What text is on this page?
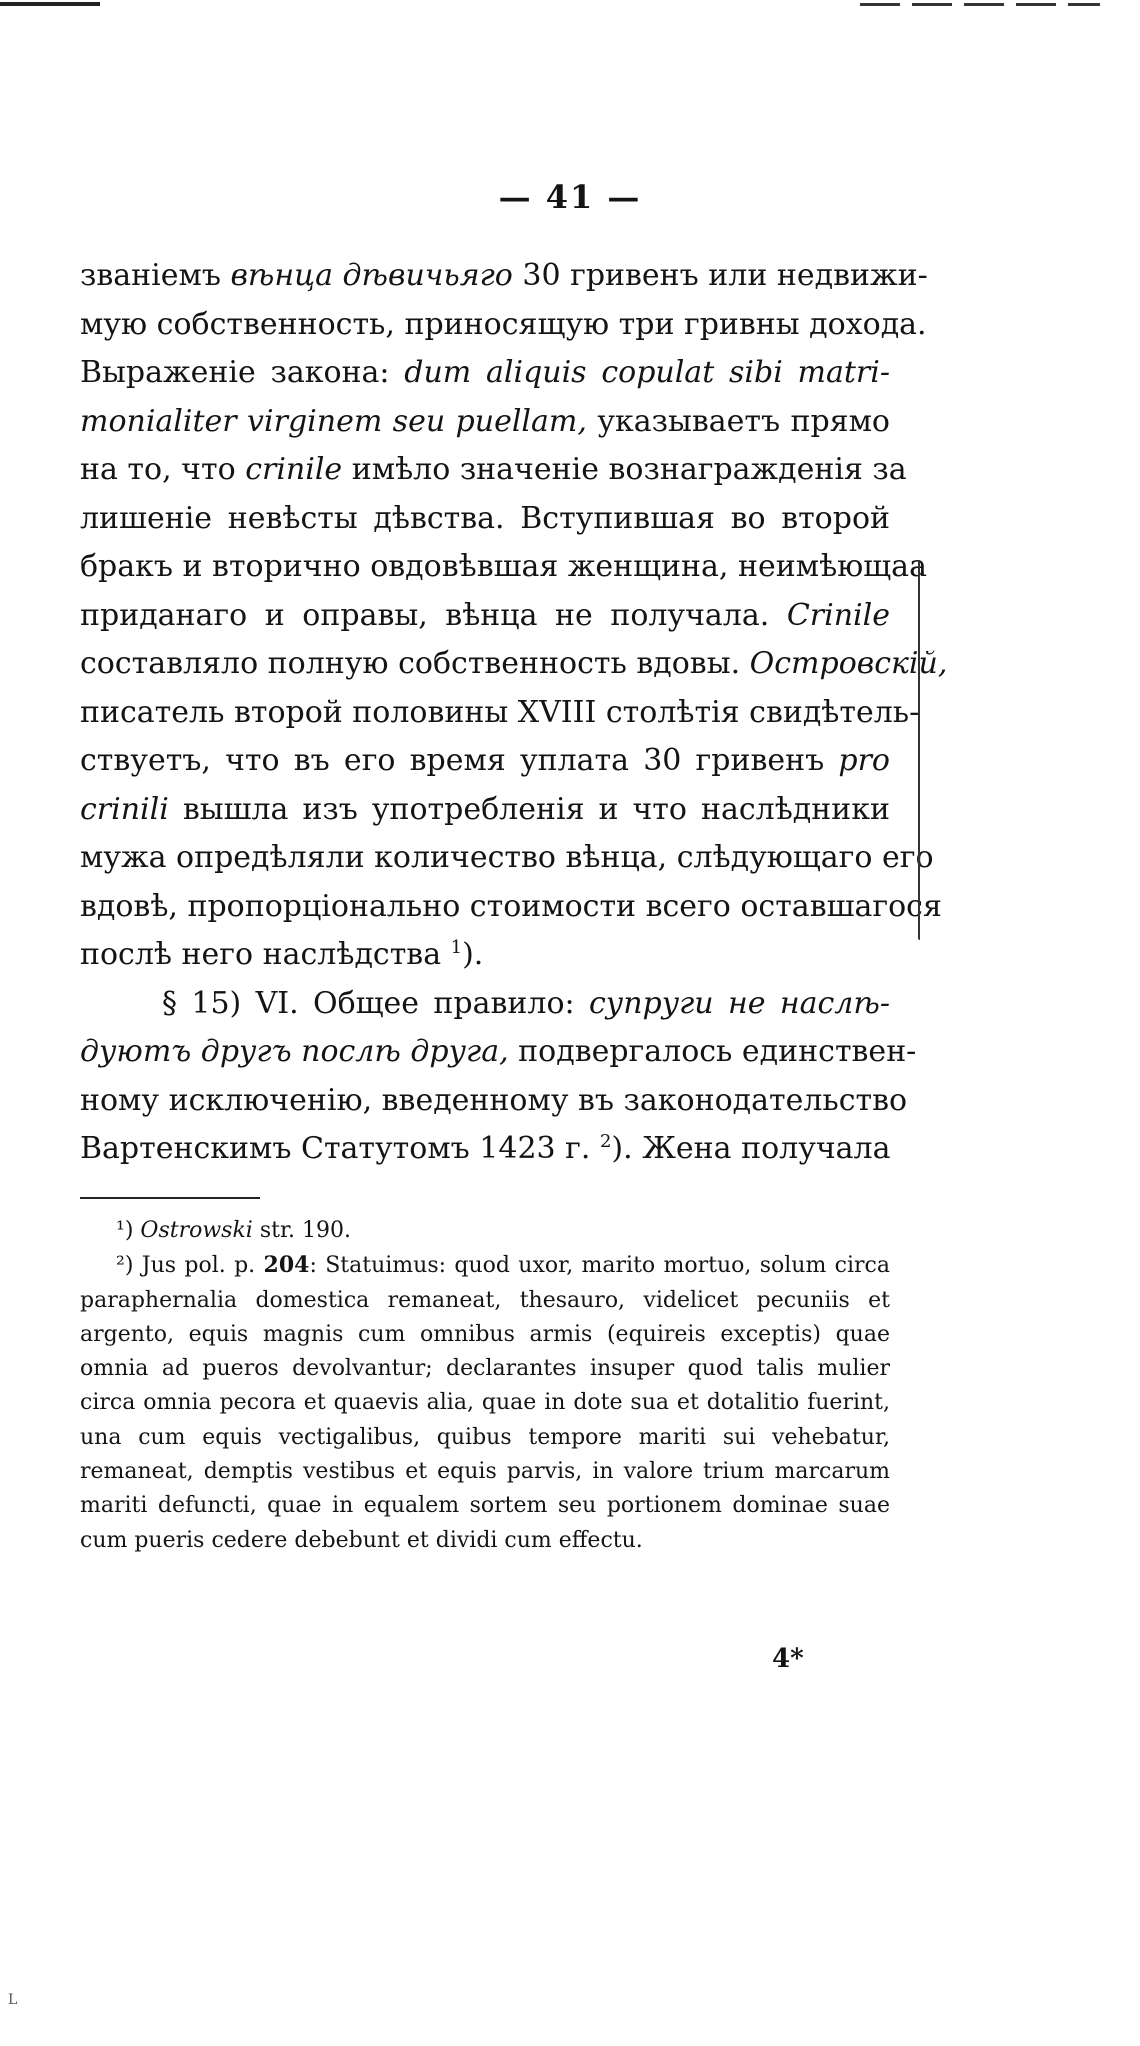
— 41 —
званіемъ вѣнца дѣвичьяго 30 гривенъ или недвижи-
мую собственность, приносящую три гривны дохода.
Выраженіе закона: dum aliquis copulat sibi matri-
monialiter virginem seu puellam, указываетъ прямо
на то, что crinile имѣло значеніе вознагражденія за
лишеніе невѣсты дѣвства. Вступившая во второй
бракъ и вторично овдовѣвшая женщина, неимѣющаа
приданаго и оправы, вѣнца не получала. Crinile
составляло полную собственность вдовы. Островскій,
писатель второй половины XVIII столѣтія свидѣтель-
ствуетъ, что въ его время уплата 30 гривенъ pro
crinili вышла изъ употребленія и что наслѣдники
мужа опредѣляли количество вѣнца, слѣдующаго его
вдовѣ, пропорціонально стоимости всего оставшагося
послѣ него наслѣдства $^1$).
§ 15) VI. Общее правило: супруги не наслѣ-
дуютъ другъ послѣ друга, подвергалось единствен-
ному исключенію, введенному въ законодательство
Вартенскимъ Статутомъ 1423 г. $^2$). Жена получала
¹) Ostrowski str. 190.
²) Jus pol. p. 204: Statuimus: quod uxor, marito mortuo, solum circa paraphernalia domestica remaneat, thesauro, videlicet pecuniis et argento, equis magnis cum omnibus armis (equireis exceptis) quae omnia ad pueros devolvantur; declarantes insuper quod talis mulier circa omnia pecora et quaevis alia, quae in dote sua et dotalitio fuerint, una cum equis vectigalibus, quibus tempore mariti sui vehebatur, remaneat, demptis vestibus et equis parvis, in valore trium marcarum mariti defuncti, quae in equalem sortem seu portionem dominae suae cum pueris cedere debebunt et dividi cum effectu.
4*
L
